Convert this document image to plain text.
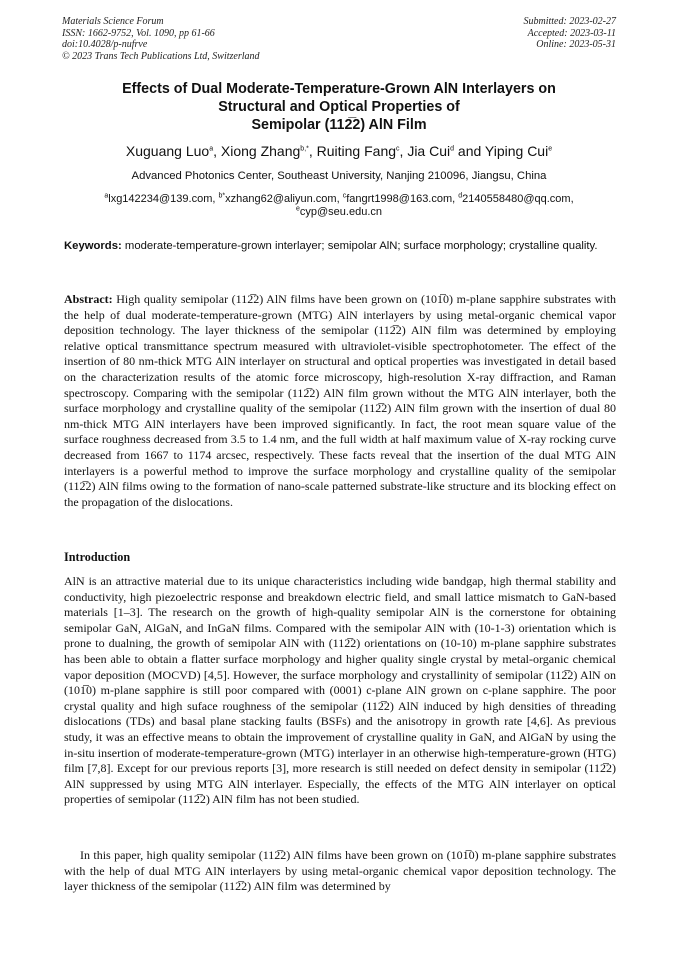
Materials Science Forum
ISSN: 1662-9752, Vol. 1090, pp 61-66
doi:10.4028/p-nufrve
© 2023 Trans Tech Publications Ltd, Switzerland
Submitted: 2023-02-27
Accepted: 2023-03-11
Online: 2023-05-31
Effects of Dual Moderate-Temperature-Grown AlN Interlayers on
Structural and Optical Properties of
Semipolar (112̅2) AlN Film
Xuguang Luo$^a$, Xiong Zhang$^{b,*}$, Ruiting Fang$^c$, Jia Cui$^d$ and Yiping Cui$^e$
Advanced Photonics Center, Southeast University, Nanjing 210096, Jiangsu, China
$^a$lxg142234@139.com, $^{b*}$xzhang62@aliyun.com, $^c$fangrt1998@163.com, $^d$2140558480@qq.com,
$^e$cyp@seu.edu.cn
Keywords: moderate-temperature-grown interlayer; semipolar AlN; surface morphology; crystalline quality.
Abstract: High quality semipolar (112̅2) AlN films have been grown on (101̅0) m-plane sapphire substrates with the help of dual moderate-temperature-grown (MTG) AlN interlayers by using metal-organic chemical vapor deposition technology. The layer thickness of the semipolar (112̅2) AlN film was determined by employing relative optical transmittance spectrum measured with ultraviolet-visible spectrophotometer. The effect of the insertion of 80 nm-thick MTG AlN interlayer on structural and optical properties was investigated in detail based on the characterization results of the atomic force microscopy, high-resolution X-ray diffraction, and Raman spectroscopy. Comparing with the semipolar (112̅2) AlN film grown without the MTG AlN interlayer, both the surface morphology and crystalline quality of the semipolar (112̅2) AlN film grown with the insertion of dual 80 nm-thick MTG AlN interlayers have been improved significantly. In fact, the root mean square value of the surface roughness decreased from 3.5 to 1.4 nm, and the full width at half maximum value of X-ray rocking curve decreased from 1667 to 1174 arcsec, respectively. These facts reveal that the insertion of the dual MTG AlN interlayers is a powerful method to improve the surface morphology and crystalline quality of the semipolar (112̅2) AlN films owing to the formation of nano-scale patterned substrate-like structure and its blocking effect on the propagation of the dislocations.
Introduction

AlN is an attractive material due to its unique characteristics including wide bandgap, high thermal stability and conductivity, high piezoelectric response and breakdown electric field, and small lattice mismatch to GaN-based materials [1–3]. The research on the growth of high-quality semipolar AlN is the cornerstone for obtaining semipolar GaN, AlGaN, and InGaN films. Compared with the semipolar AlN with (10-1-3) orientation which is prone to dualning, the growth of semipolar AlN with (112̅2) orientations on (10-10) m-plane sapphire substrates has been able to obtain a flatter surface morphology and higher quality single crystal by metal-organic chemical vapor deposition (MOCVD) [4,5]. However, the surface morphology and crystallinity of semipolar (112̅2) AlN on (101̅0) m-plane sapphire is still poor compared with (0001) c-plane AlN grown on c-plane sapphire. The poor crystal quality and high suface roughness of the semipolar (112̅2) AlN induced by high densities of threading dislocations (TDs) and basal plane stacking faults (BSFs) and the anisotropy in growth rate [4,6]. As previous study, it was an effective means to obtain the improvement of crystalline quality in GaN, and AlGaN by using the in-situ insertion of moderate-temperature-grown (MTG) interlayer in an otherwise high-temperature-grown (HTG) film [7,8]. Except for our previous reports [3], more research is still needed on defect density in semipolar (112̅2) AlN suppressed by using MTG AlN interlayer. Especially, the effects of the MTG AlN interlayer on optical properties of semipolar (112̅2) AlN film has not been studied.

In this paper, high quality semipolar (112̅2) AlN films have been grown on (101̅0) m-plane sapphire substrates with the help of dual MTG AlN interlayers by using metal-organic chemical vapor deposition technology. The layer thickness of the semipolar (112̅2) AlN film was determined by
